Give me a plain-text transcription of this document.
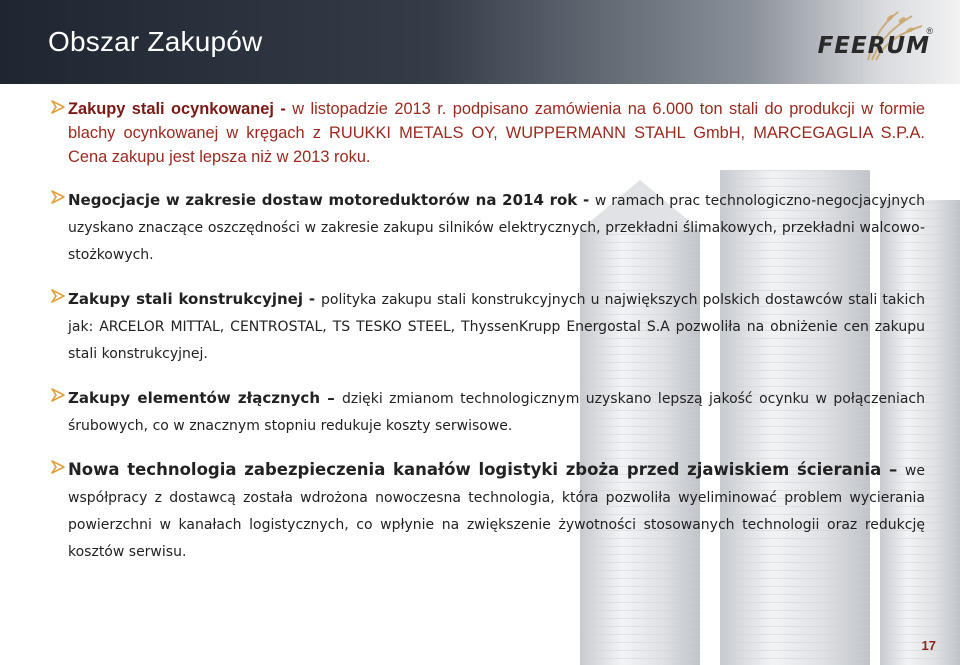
Obszar Zakupów	FEERUM
®

Zakupy stali ocynkowanej - w listopadzie 2013 r. podpisano zamówienia na 6.000 ton stali do produkcji w formie blachy ocynkowanej w kręgach z RUUKKI METALS OY, WUPPERMANN STAHL GmbH, MARCEGAGLIA S.P.A. Cena zakupu jest lepsza niż w 2013 roku.

Negocjacje w zakresie dostaw motoreduktorów na 2014 rok - w ramach prac technologiczno-negocjacyjnych uzyskano znaczące oszczędności w zakresie zakupu silników elektrycznych, przekładni ślimakowych, przekładni walcowo-stożkowych.

Zakupy stali konstrukcyjnej - polityka zakupu stali konstrukcyjnych u największych polskich dostawców stali takich jak: ARCELOR MITTAL, CENTROSTAL, TS TESKO STEEL, ThyssenKrupp Energostal S.A pozwoliła na obniżenie cen zakupu stali konstrukcyjnej.

Zakupy elementów złącznych – dzięki zmianom technologicznym uzyskano lepszą jakość ocynku w połączeniach śrubowych, co w znacznym stopniu redukuje koszty serwisowe.

Nowa technologia zabezpieczenia kanałów logistyki zboża przed zjawiskiem ścierania – we współpracy z dostawcą została wdrożona nowoczesna technologia, która pozwoliła wyeliminować problem wycierania powierzchni w kanałach logistycznych, co wpłynie na zwiększenie żywotności stosowanych technologii oraz redukcję kosztów serwisu.

17
